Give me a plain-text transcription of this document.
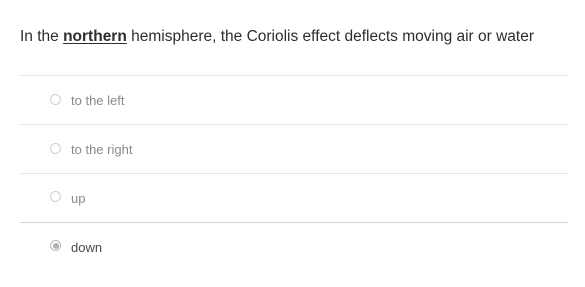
In the northern hemisphere, the Coriolis effect deflects moving air or water
to the left
to the right
up
down
